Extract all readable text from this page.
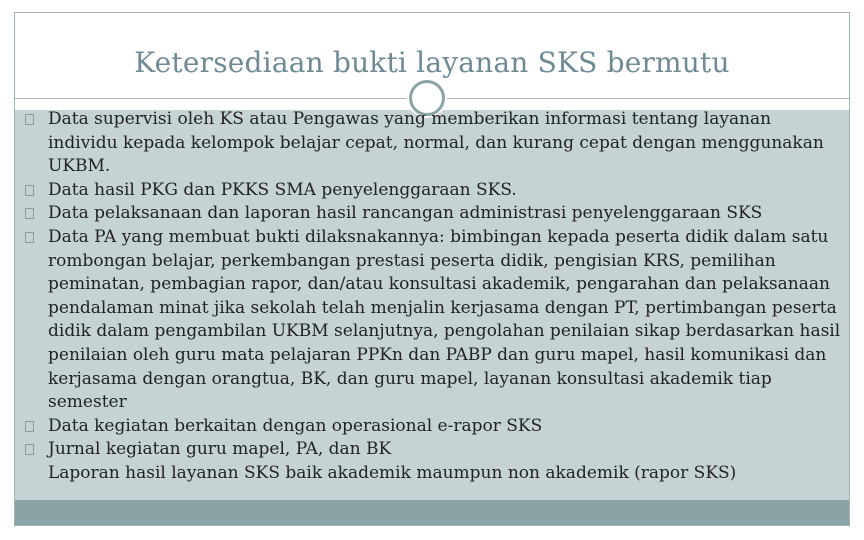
Ketersediaan bukti layanan SKS bermutu
Data supervisi oleh KS atau Pengawas yang memberikan informasi tentang layanan individu kepada kelompok belajar cepat, normal, dan kurang cepat dengan menggunakan UKBM.
Data hasil PKG dan PKKS SMA penyelenggaraan SKS.
Data pelaksanaan dan laporan hasil rancangan administrasi penyelenggaraan SKS
Data PA yang membuat bukti dilaksnakannya: bimbingan kepada peserta didik dalam satu rombongan belajar, perkembangan prestasi peserta didik, pengisian KRS, pemilihan peminatan, pembagian rapor, dan/atau konsultasi akademik, pengarahan dan pelaksanaan pendalaman minat jika sekolah telah menjalin kerjasama dengan PT, pertimbangan peserta didik dalam pengambilan UKBM selanjutnya, pengolahan penilaian sikap berdasarkan hasil penilaian oleh guru mata pelajaran PPKn dan PABP dan guru mapel, hasil komunikasi dan kerjasama dengan orangtua, BK, dan guru mapel, layanan konsultasi akademik tiap semester
Data kegiatan berkaitan dengan operasional e-rapor SKS
Jurnal kegiatan guru mapel, PA, dan BK
Laporan hasil layanan SKS baik akademik maumpun non akademik (rapor SKS)
